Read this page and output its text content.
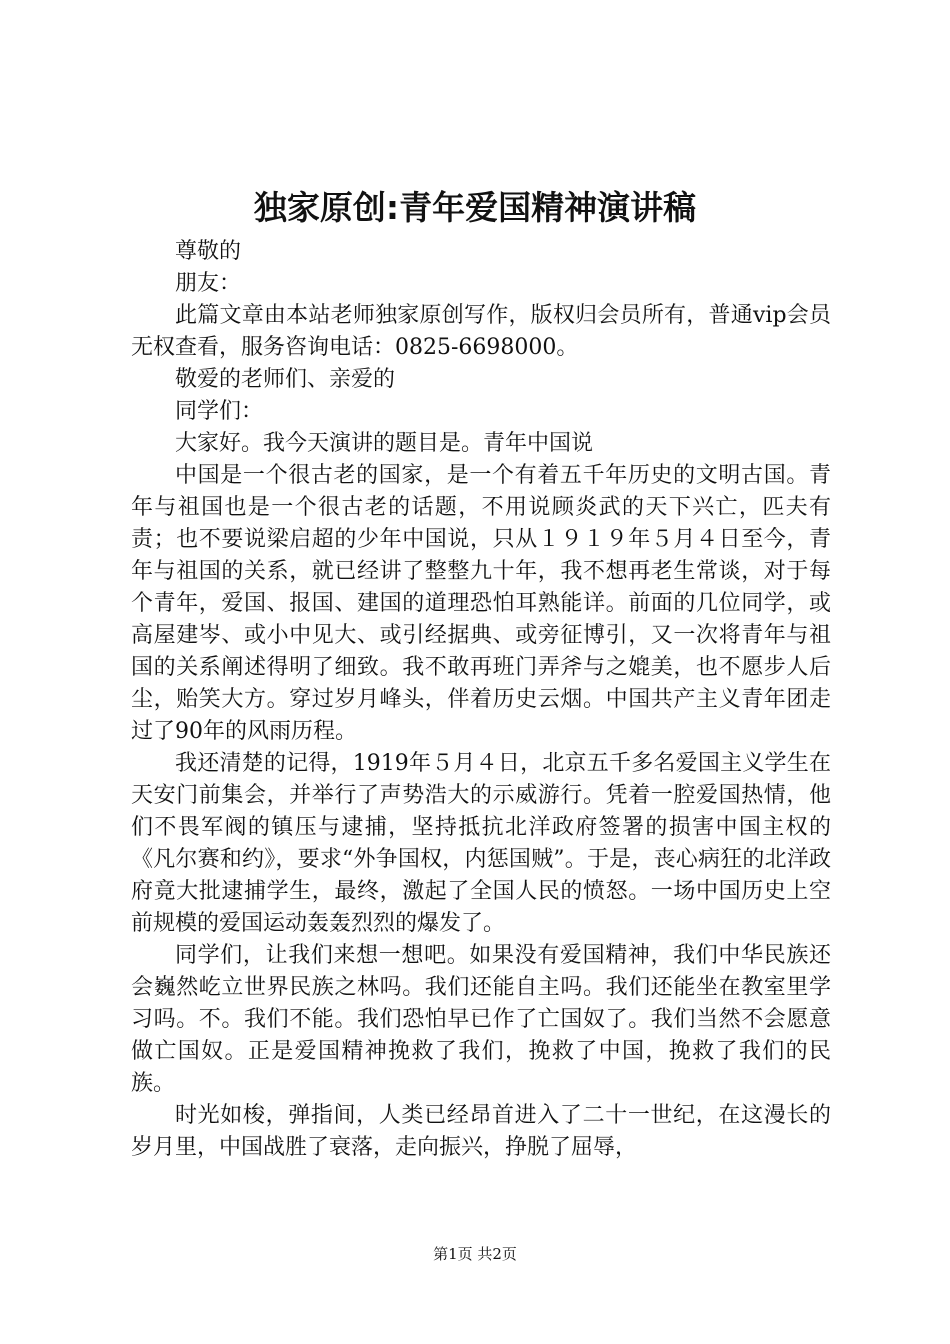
独家原创:青年爱国精神演讲稿

尊敬的

朋友：

此篇文章由本站老师独家原创写作，版权归会员所有，普通vip会员无权查看，服务咨询电话：0825-6698000。

敬爱的老师们、亲爱的

同学们：

大家好。我今天演讲的题目是。青年中国说

中国是一个很古老的国家，是一个有着五千年历史的文明古国。青年与祖国也是一个很古老的话题，不用说顾炎武的天下兴亡，匹夫有责；也不要说梁启超的少年中国说，只从１９１９年５月４日至今，青年与祖国的关系，就已经讲了整整九十年，我不想再老生常谈，对于每个青年，爱国、报国、建国的道理恐怕耳熟能详。前面的几位同学，或高屋建岑、或小中见大、或引经据典、或旁征博引，又一次将青年与祖国的关系阐述得明了细致。我不敢再班门弄斧与之媲美，也不愿步人后尘，贻笑大方。穿过岁月峰头，伴着历史云烟。中国共产主义青年团走过了90年的风雨历程。

我还清楚的记得，1919年５月４日，北京五千多名爱国主义学生在天安门前集会，并举行了声势浩大的示威游行。凭着一腔爱国热情，他们不畏军阀的镇压与逮捕，坚持抵抗北洋政府签署的损害中国主权的《凡尔赛和约》，要求“外争国权，内惩国贼”。于是，丧心病狂的北洋政府竟大批逮捕学生，最终，激起了全国人民的愤怒。一场中国历史上空前规模的爱国运动轰轰烈烈的爆发了。

同学们，让我们来想一想吧。如果没有爱国精神，我们中华民族还会巍然屹立世界民族之林吗。我们还能自主吗。我们还能坐在教室里学习吗。不。我们不能。我们恐怕早已作了亡国奴了。我们当然不会愿意做亡国奴。正是爱国精神挽救了我们，挽救了中国，挽救了我们的民族。

时光如梭，弹指间，人类已经昂首进入了二十一世纪，在这漫长的岁月里，中国战胜了衰落，走向振兴，挣脱了屈辱，

第1页 共2页
